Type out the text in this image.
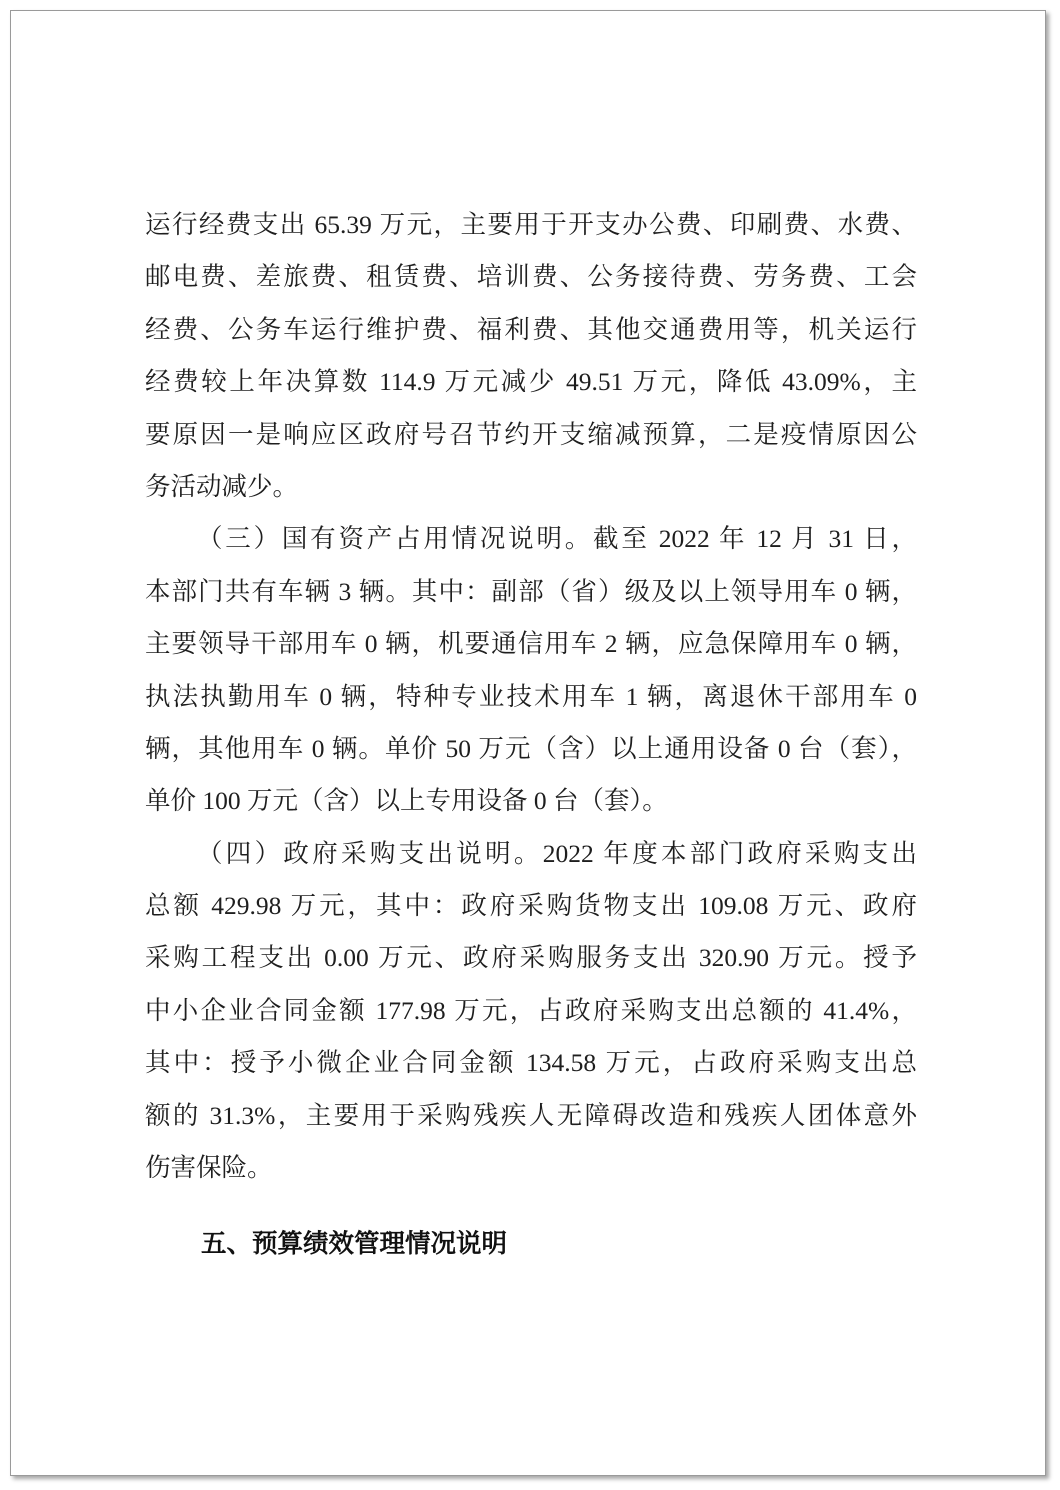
运行经费支出 65.39 万元，主要用于开支办公费、印刷费、水费、
邮电费、差旅费、租赁费、培训费、公务接待费、劳务费、工会
经费、公务车运行维护费、福利费、其他交通费用等，机关运行
经费较上年决算数 114.9 万元减少 49.51 万元，降低 43.09%，主
要原因一是响应区政府号召节约开支缩减预算，二是疫情原因公
务活动减少。
（三）国有资产占用情况说明。截至 2022 年 12 月 31 日，
本部门共有车辆 3 辆。其中：副部（省）级及以上领导用车 0 辆，
主要领导干部用车 0 辆，机要通信用车 2 辆，应急保障用车 0 辆，
执法执勤用车 0 辆，特种专业技术用车 1 辆，离退休干部用车 0
辆，其他用车 0 辆。单价 50 万元（含）以上通用设备 0 台（套），
单价 100 万元（含）以上专用设备 0 台（套）。
（四）政府采购支出说明。2022 年度本部门政府采购支出
总额 429.98 万元，其中：政府采购货物支出 109.08 万元、政府
采购工程支出 0.00 万元、政府采购服务支出 320.90 万元。授予
中小企业合同金额 177.98 万元，占政府采购支出总额的 41.4%，
其中：授予小微企业合同金额 134.58 万元，占政府采购支出总
额的 31.3%，主要用于采购残疾人无障碍改造和残疾人团体意外
伤害保险。
五、预算绩效管理情况说明
